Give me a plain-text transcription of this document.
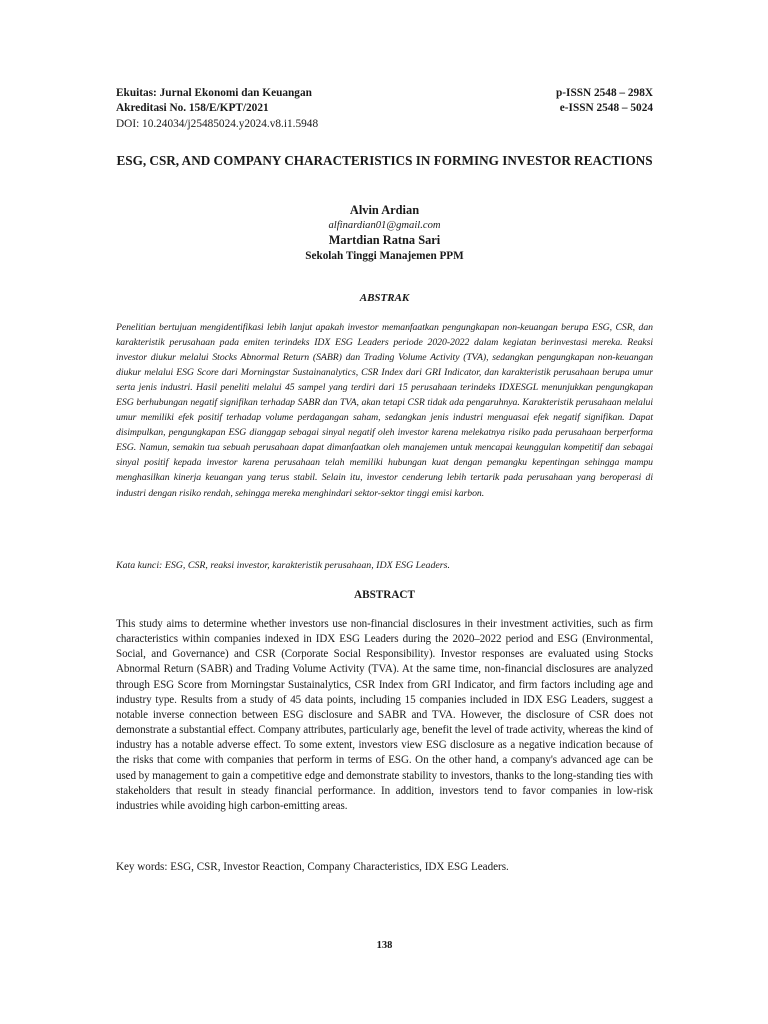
Ekuitas: Jurnal Ekonomi dan Keuangan
Akreditasi No. 158/E/KPT/2021
DOI: 10.24034/j25485024.y2024.v8.i1.5948
p-ISSN 2548 – 298X
e-ISSN 2548 – 5024
ESG, CSR, AND COMPANY CHARACTERISTICS IN FORMING INVESTOR REACTIONS
Alvin Ardian
alfinardian01@gmail.com
Martdian Ratna Sari
Sekolah Tinggi Manajemen PPM
ABSTRAK
Penelitian bertujuan mengidentifikasi lebih lanjut apakah investor memanfaatkan pengungkapan non-keuangan berupa ESG, CSR, dan karakteristik perusahaan pada emiten terindeks IDX ESG Leaders periode 2020-2022 dalam kegiatan berinvestasi mereka. Reaksi investor diukur melalui Stocks Abnormal Return (SABR) dan Trading Volume Activity (TVA), sedangkan pengungkapan non-keuangan diukur melalui ESG Score dari Morningstar Sustainanalytics, CSR Index dari GRI Indicator, dan karakteristik perusahaan berupa umur serta jenis industri. Hasil peneliti melalui 45 sampel yang terdiri dari 15 perusahaan terindeks IDXESGL menunjukkan pengungkapan ESG berhubungan negatif signifikan terhadap SABR dan TVA, akan tetapi CSR tidak ada pengaruhnya. Karakteristik perusahaan melalui umur memiliki efek positif terhadap volume perdagangan saham, sedangkan jenis industri menguasai efek negatif signifikan. Dapat disimpulkan, pengungkapan ESG dianggap sebagai sinyal negatif oleh investor karena melekatnya risiko pada perusahaan berperforma ESG. Namun, semakin tua sebuah perusahaan dapat dimanfaatkan oleh manajemen untuk mencapai keunggulan kompetitif dan sebagai sinyal positif kepada investor karena perusahaan telah memiliki hubungan kuat dengan pemangku kepentingan sehingga mampu menghasilkan kinerja keuangan yang terus stabil. Selain itu, investor cenderung lebih tertarik pada perusahaan yang beroperasi di industri dengan risiko rendah, sehingga mereka menghindari sektor-sektor tinggi emisi karbon.
Kata kunci: ESG, CSR, reaksi investor, karakteristik perusahaan, IDX ESG Leaders.
ABSTRACT
This study aims to determine whether investors use non-financial disclosures in their investment activities, such as firm characteristics within companies indexed in IDX ESG Leaders during the 2020–2022 period and ESG (Environmental, Social, and Governance) and CSR (Corporate Social Responsibility). Investor responses are evaluated using Stocks Abnormal Return (SABR) and Trading Volume Activity (TVA). At the same time, non-financial disclosures are analyzed through ESG Score from Morningstar Sustainalytics, CSR Index from GRI Indicator, and firm factors including age and industry type. Results from a study of 45 data points, including 15 companies included in IDX ESG Leaders, suggest a notable inverse connection between ESG disclosure and SABR and TVA. However, the disclosure of CSR does not demonstrate a substantial effect. Company attributes, particularly age, benefit the level of trade activity, whereas the kind of industry has a notable adverse effect. To some extent, investors view ESG disclosure as a negative indication because of the risks that come with companies that perform in terms of ESG. On the other hand, a company's advanced age can be used by management to gain a competitive edge and demonstrate stability to investors, thanks to the long-standing ties with stakeholders that result in steady financial performance. In addition, investors tend to favor companies in low-risk industries while avoiding high carbon-emitting areas.
Key words: ESG, CSR, Investor Reaction, Company Characteristics, IDX ESG Leaders.
138
